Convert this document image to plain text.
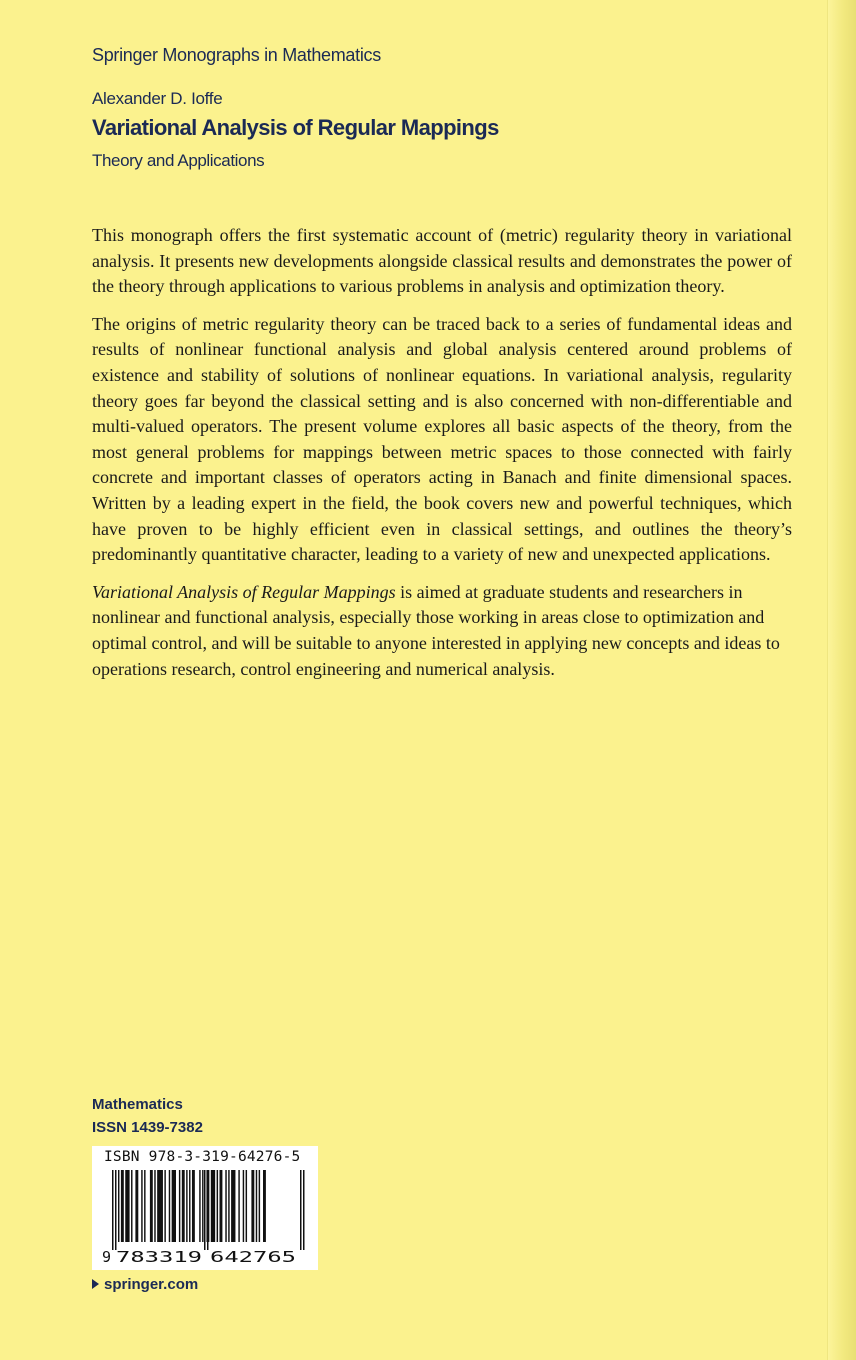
Springer Monographs in Mathematics
Alexander D. Ioffe
Variational Analysis of Regular Mappings
Theory and Applications

This monograph offers the first systematic account of (metric) regularity theory in variational analysis. It presents new developments alongside classical results and demonstrates the power of the theory through applications to various problems in analysis and optimization theory.

The origins of metric regularity theory can be traced back to a series of fundamental ideas and results of nonlinear functional analysis and global analysis centered around problems of existence and stability of solutions of nonlinear equations. In variational analysis, regularity theory goes far beyond the classical setting and is also concerned with non-differentiable and multi-valued operators. The present volume explores all basic aspects of the theory, from the most general problems for mappings between metric spaces to those connected with fairly concrete and important classes of operators acting in Banach and finite dimensional spaces. Written by a leading expert in the field, the book covers new and powerful techniques, which have proven to be highly efficient even in classical settings, and outlines the theory’s predominantly quantitative character, leading to a variety of new and unexpected applications.

Variational Analysis of Regular Mappings is aimed at graduate students and researchers in nonlinear and functional analysis, especially those working in areas close to optimization and optimal control, and will be suitable to anyone interested in applying new concepts and ideas to operations research, control engineering and numerical analysis.

Mathematics
ISSN 1439-7382
9 783319 642765
ISBN 978-3-319-64276-5
springer.com
